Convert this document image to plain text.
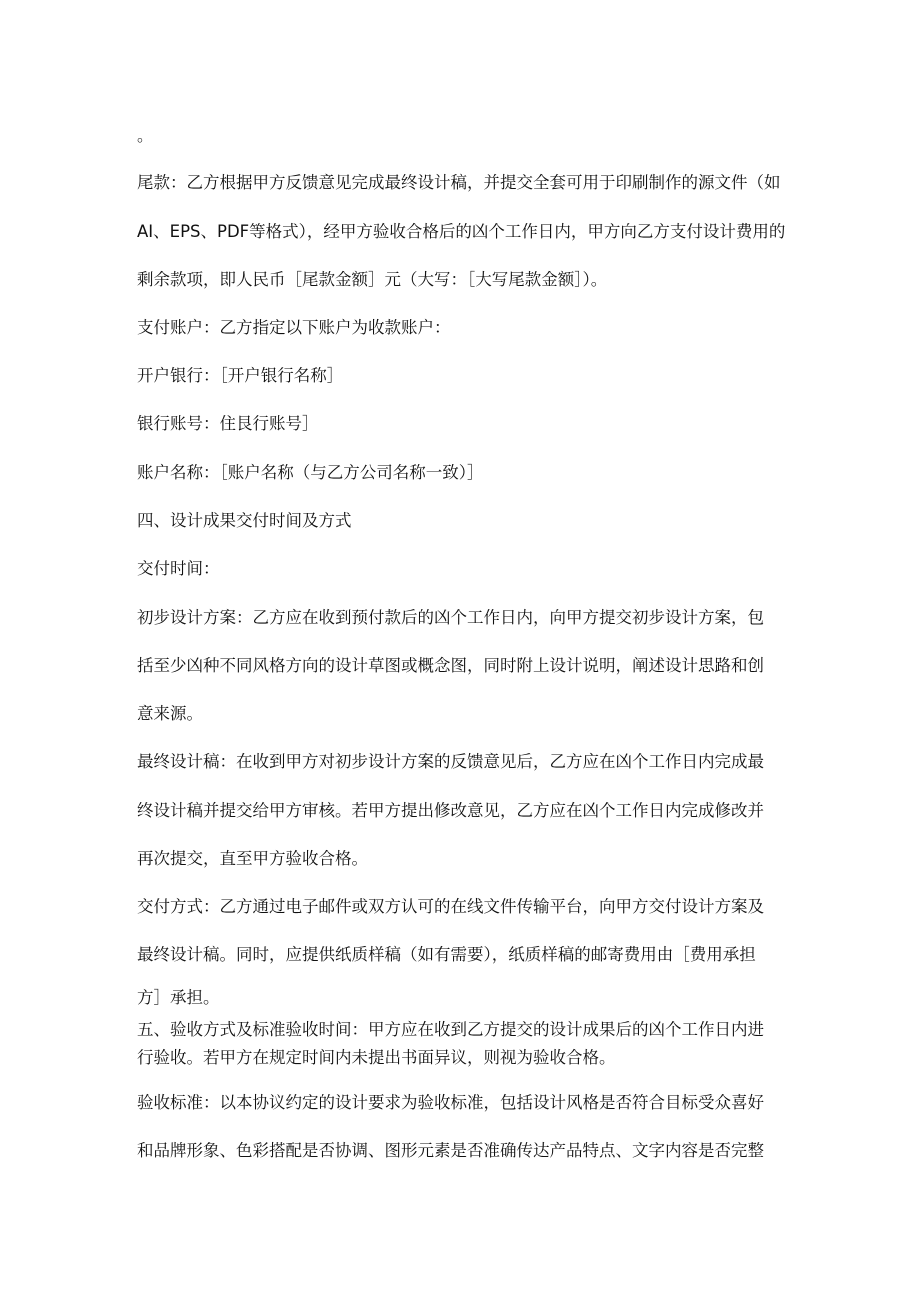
。
尾款：乙方根据甲方反馈意见完成最终设计稿，并提交全套可用于印刷制作的源文件（如
AI、EPS、PDF等格式），经甲方验收合格后的凶个工作日内，甲方向乙方支付设计费用的
剩余款项，即人民币［尾款金额］元（大写：［大写尾款金额］）。
支付账户：乙方指定以下账户为收款账户：
开户银行：［开户银行名称］
银行账号：住艮行账号］
账户名称：［账户名称（与乙方公司名称一致）］
四、设计成果交付时间及方式
交付时间：
初步设计方案：乙方应在收到预付款后的凶个工作日内，向甲方提交初步设计方案，包
括至少凶种不同风格方向的设计草图或概念图，同时附上设计说明，阐述设计思路和创
意来源。
最终设计稿：在收到甲方对初步设计方案的反馈意见后，乙方应在凶个工作日内完成最
终设计稿并提交给甲方审核。若甲方提出修改意见，乙方应在凶个工作日内完成修改并
再次提交，直至甲方验收合格。
交付方式：乙方通过电子邮件或双方认可的在线文件传输平台，向甲方交付设计方案及
最终设计稿。同时，应提供纸质样稿（如有需要），纸质样稿的邮寄费用由［费用承担
方］承担。
五、验收方式及标准验收时间：甲方应在收到乙方提交的设计成果后的凶个工作日内进
行验收。若甲方在规定时间内未提出书面异议，则视为验收合格。
验收标准：以本协议约定的设计要求为验收标准，包括设计风格是否符合目标受众喜好
和品牌形象、色彩搭配是否协调、图形元素是否准确传达产品特点、文字内容是否完整
